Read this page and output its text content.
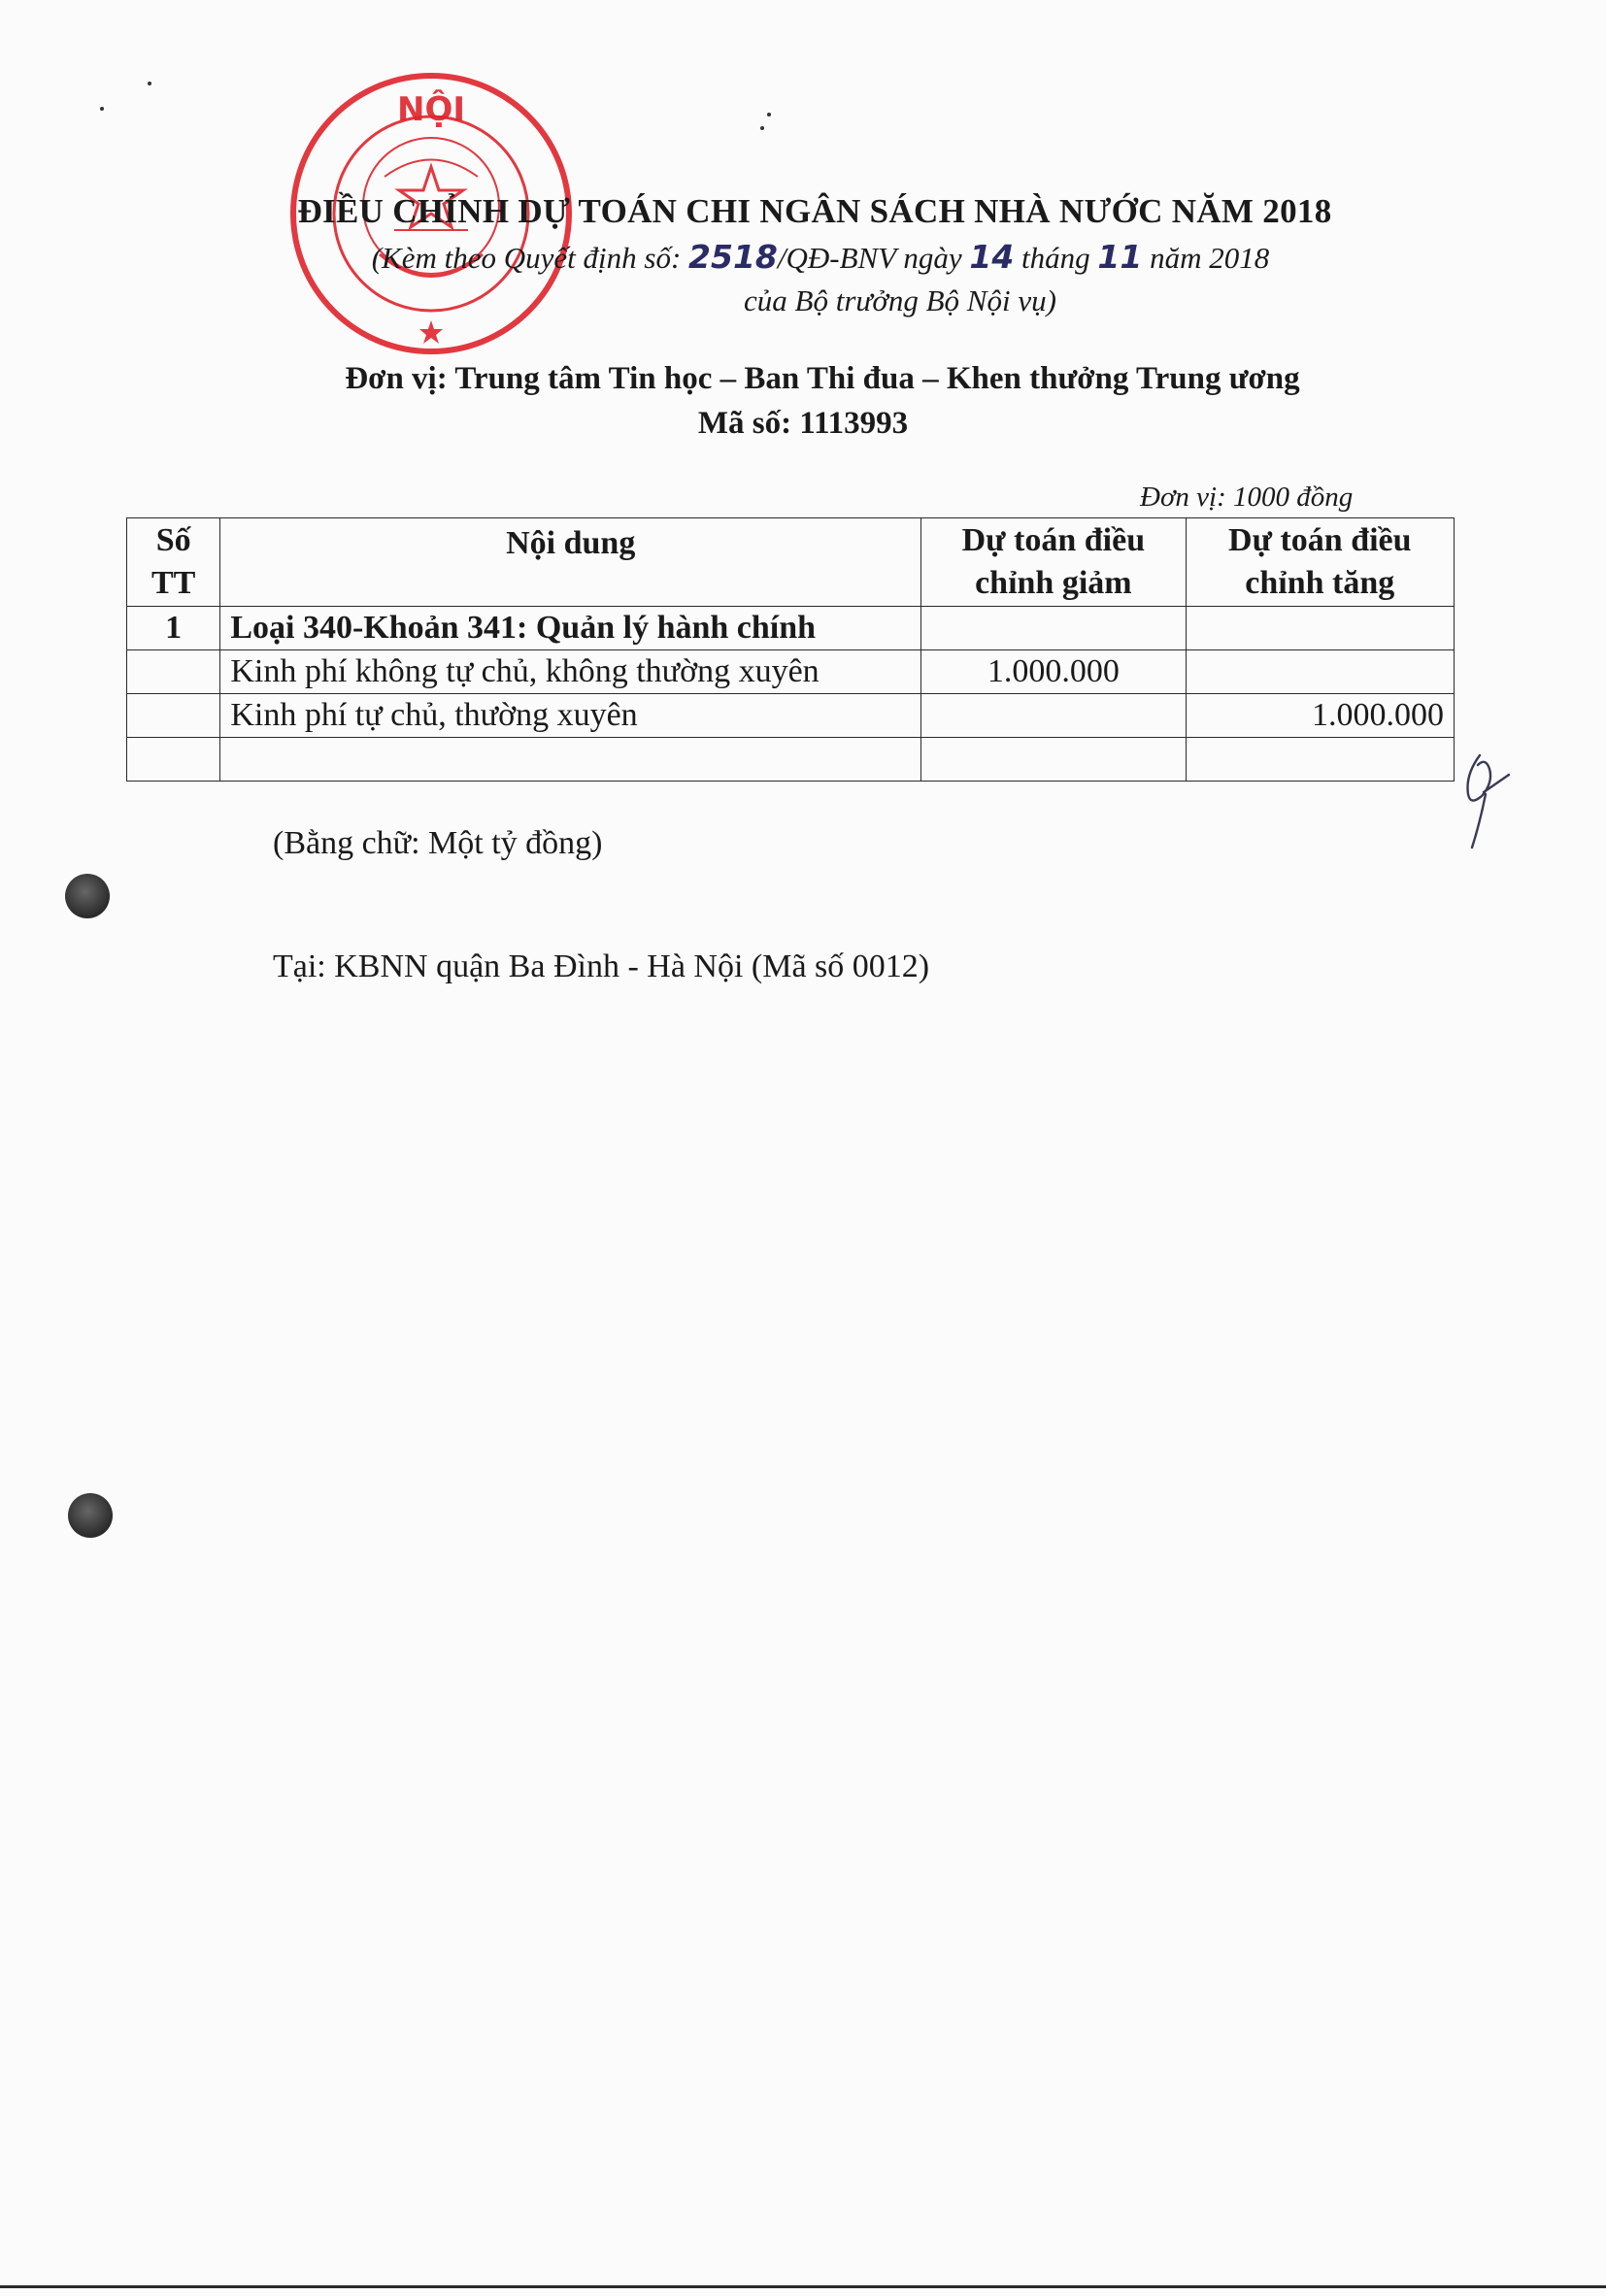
NỘI
ĐIỀU CHỈNH DỰ TOÁN CHI NGÂN SÁCH NHÀ NƯỚC NĂM 2018
(Kèm theo Quyết định số: 2518/QĐ-BNV ngày 14 tháng 11 năm 2018
của Bộ trưởng Bộ Nội vụ)
Đơn vị: Trung tâm Tin học – Ban Thi đua – Khen thưởng Trung ương
Mã số: 1113993
Đơn vị: 1000 đồng
Số TT	Nội dung	Dự toán điều chỉnh giảm	Dự toán điều chỉnh tăng
1	Loại 340-Khoản 341: Quản lý hành chính		
	Kinh phí không tự chủ, không thường xuyên	1.000.000	
	Kinh phí tự chủ, thường xuyên		1.000.000

(Bằng chữ: Một tỷ đồng)
Tại: KBNN quận Ba Đình - Hà Nội (Mã số 0012)
